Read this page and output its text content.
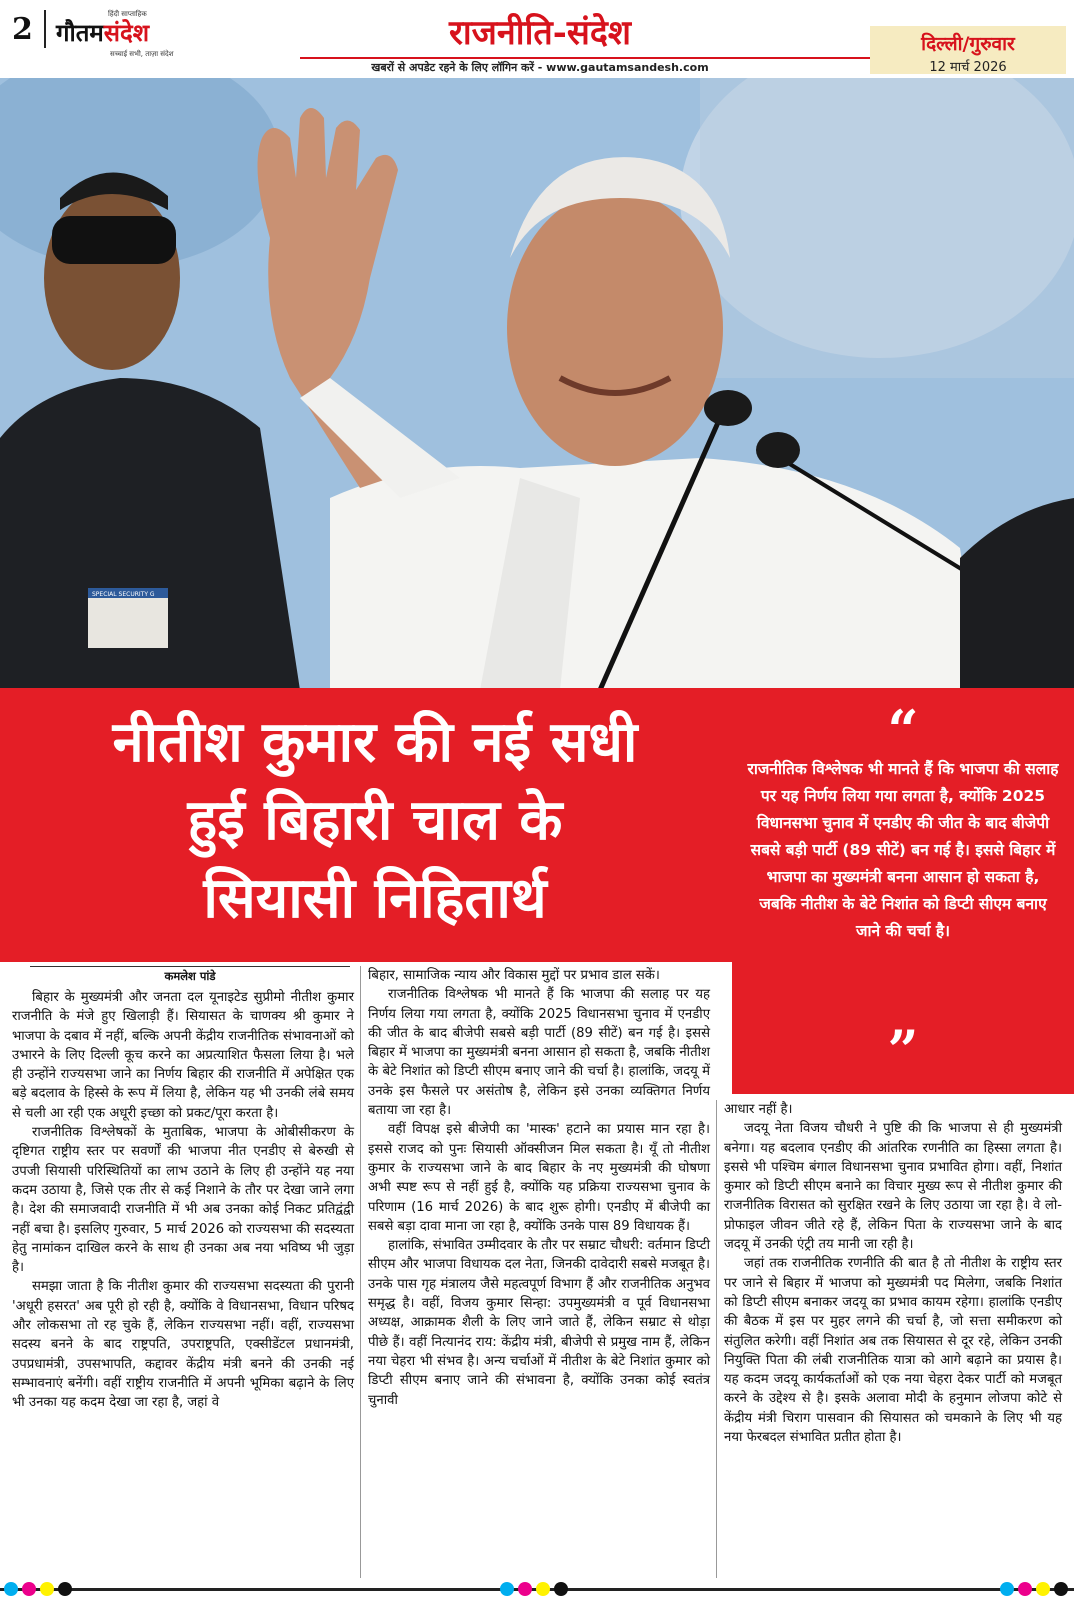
2	हिंदी साप्ताहिक
गौतमसंदेश
सच्चाई सभी, ताज़ा संदेश
राजनीति-संदेश
खबरों से अपडेट रहने के लिए लॉगिन करें - www.gautamsandesh.com
दिल्ली/गुरुवार
12 मार्च 2026
SPECIAL SECURITY G
नीतीश कुमार की नई सधी
हुई बिहारी चाल के
सियासी निहितार्थ
“
राजनीतिक विश्लेषक भी मानते हैं कि भाजपा की सलाह पर यह निर्णय लिया गया लगता है, क्योंकि 2025 विधानसभा चुनाव में एनडीए की जीत के बाद बीजेपी सबसे बड़ी पार्टी (89 सीटें) बन गई है। इससे बिहार में भाजपा का मुख्यमंत्री बनना आसान हो सकता है, जबकि नीतीश के बेटे निशांत को डिप्टी सीएम बनाए जाने की चर्चा है।
”
कमलेश पांडे

बिहार के मुख्यमंत्री और जनता दल यूनाइटेड सुप्रीमो नीतीश कुमार राजनीति के मंजे हुए खिलाड़ी हैं। सियासत के चाणक्य श्री कुमार ने भाजपा के दबाव में नहीं, बल्कि अपनी केंद्रीय राजनीतिक संभावनाओं को उभारने के लिए दिल्ली कूच करने का अप्रत्याशित फैसला लिया है। भले ही उन्होंने राज्यसभा जाने का निर्णय बिहार की राजनीति में अपेक्षित एक बड़े बदलाव के हिस्से के रूप में लिया है, लेकिन यह भी उनकी लंबे समय से चली आ रही एक अधूरी इच्छा को प्रकट/पूरा करता है।

राजनीतिक विश्लेषकों के मुताबिक, भाजपा के ओबीसीकरण के दृष्टिगत राष्ट्रीय स्तर पर सवर्णों की भाजपा नीत एनडीए से बेरुखी से उपजी सियासी परिस्थितियों का लाभ उठाने के लिए ही उन्होंने यह नया कदम उठाया है, जिसे एक तीर से कई निशाने के तौर पर देखा जाने लगा है। देश की समाजवादी राजनीति में भी अब उनका कोई निकट प्रतिद्वंद्वी नहीं बचा है। इसलिए गुरुवार, 5 मार्च 2026 को राज्यसभा की सदस्यता हेतु नामांकन दाखिल करने के साथ ही उनका अब नया भविष्य भी जुड़ा है।

समझा जाता है कि नीतीश कुमार की राज्यसभा सदस्यता की पुरानी 'अधूरी हसरत' अब पूरी हो रही है, क्योंकि वे विधानसभा, विधान परिषद और लोकसभा तो रह चुके हैं, लेकिन राज्यसभा नहीं। वहीं, राज्यसभा सदस्य बनने के बाद राष्ट्रपति, उपराष्ट्रपति, एक्सीडेंटल प्रधानमंत्री, उपप्रधामंत्री, उपसभापति, कद्दावर केंद्रीय मंत्री बनने की उनकी नई सम्भावनाएं बनेंगी। वहीं राष्ट्रीय राजनीति में अपनी भूमिका बढ़ाने के लिए भी उनका यह कदम देखा जा रहा है, जहां वे

बिहार, सामाजिक न्याय और विकास मुद्दों पर प्रभाव डाल सकें।

राजनीतिक विश्लेषक भी मानते हैं कि भाजपा की सलाह पर यह निर्णय लिया गया लगता है, क्योंकि 2025 विधानसभा चुनाव में एनडीए की जीत के बाद बीजेपी सबसे बड़ी पार्टी (89 सीटें) बन गई है। इससे बिहार में भाजपा का मुख्यमंत्री बनना आसान हो सकता है, जबकि नीतीश के बेटे निशांत को डिप्टी सीएम बनाए जाने की चर्चा है। हालांकि, जदयू में उनके इस फैसले पर असंतोष है, लेकिन इसे उनका व्यक्तिगत निर्णय बताया जा रहा है।

वहीं विपक्ष इसे बीजेपी का 'मास्क' हटाने का प्रयास मान रहा है। इससे राजद को पुनः सियासी ऑक्सीजन मिल सकता है। यूँ तो नीतीश कुमार के राज्यसभा जाने के बाद बिहार के नए मुख्यमंत्री की घोषणा अभी स्पष्ट रूप से नहीं हुई है, क्योंकि यह प्रक्रिया राज्यसभा चुनाव के परिणाम (16 मार्च 2026) के बाद शुरू होगी। एनडीए में बीजेपी का सबसे बड़ा दावा माना जा रहा है, क्योंकि उनके पास 89 विधायक हैं।

हालांकि, संभावित उम्मीदवार के तौर पर सम्राट चौधरी: वर्तमान डिप्टी सीएम और भाजपा विधायक दल नेता, जिनकी दावेदारी सबसे मजबूत है। उनके पास गृह मंत्रालय जैसे महत्वपूर्ण विभाग हैं और राजनीतिक अनुभव समृद्ध है। वहीं, विजय कुमार सिन्हा: उपमुख्यमंत्री व पूर्व विधानसभा अध्यक्ष, आक्रामक शैली के लिए जाने जाते हैं, लेकिन सम्राट से थोड़ा पीछे हैं। वहीं नित्यानंद राय: केंद्रीय मंत्री, बीजेपी से प्रमुख नाम हैं, लेकिन नया चेहरा भी संभव है। अन्य चर्चाओं में नीतीश के बेटे निशांत कुमार को डिप्टी सीएम बनाए जाने की संभावना है, क्योंकि उनका कोई स्वतंत्र चुनावी

आधार नहीं है।

जदयू नेता विजय चौधरी ने पुष्टि की कि भाजपा से ही मुख्यमंत्री बनेगा। यह बदलाव एनडीए की आंतरिक रणनीति का हिस्सा लगता है। इससे भी पश्चिम बंगाल विधानसभा चुनाव प्रभावित होगा। वहीं, निशांत कुमार को डिप्टी सीएम बनाने का विचार मुख्य रूप से नीतीश कुमार की राजनीतिक विरासत को सुरक्षित रखने के लिए उठाया जा रहा है। वे लो-प्रोफाइल जीवन जीते रहे हैं, लेकिन पिता के राज्यसभा जाने के बाद जदयू में उनकी एंट्री तय मानी जा रही है।

जहां तक राजनीतिक रणनीति की बात है तो नीतीश के राष्ट्रीय स्तर पर जाने से बिहार में भाजपा को मुख्यमंत्री पद मिलेगा, जबकि निशांत को डिप्टी सीएम बनाकर जदयू का प्रभाव कायम रहेगा। हालांकि एनडीए की बैठक में इस पर मुहर लगने की चर्चा है, जो सत्ता समीकरण को संतुलित करेगी। वहीं निशांत अब तक सियासत से दूर रहे, लेकिन उनकी नियुक्ति पिता की लंबी राजनीतिक यात्रा को आगे बढ़ाने का प्रयास है। यह कदम जदयू कार्यकर्ताओं को एक नया चेहरा देकर पार्टी को मजबूत करने के उद्देश्य से है। इसके अलावा मोदी के हनुमान लोजपा कोटे से केंद्रीय मंत्री चिराग पासवान की सियासत को चमकाने के लिए भी यह नया फेरबदल संभावित प्रतीत होता है।
